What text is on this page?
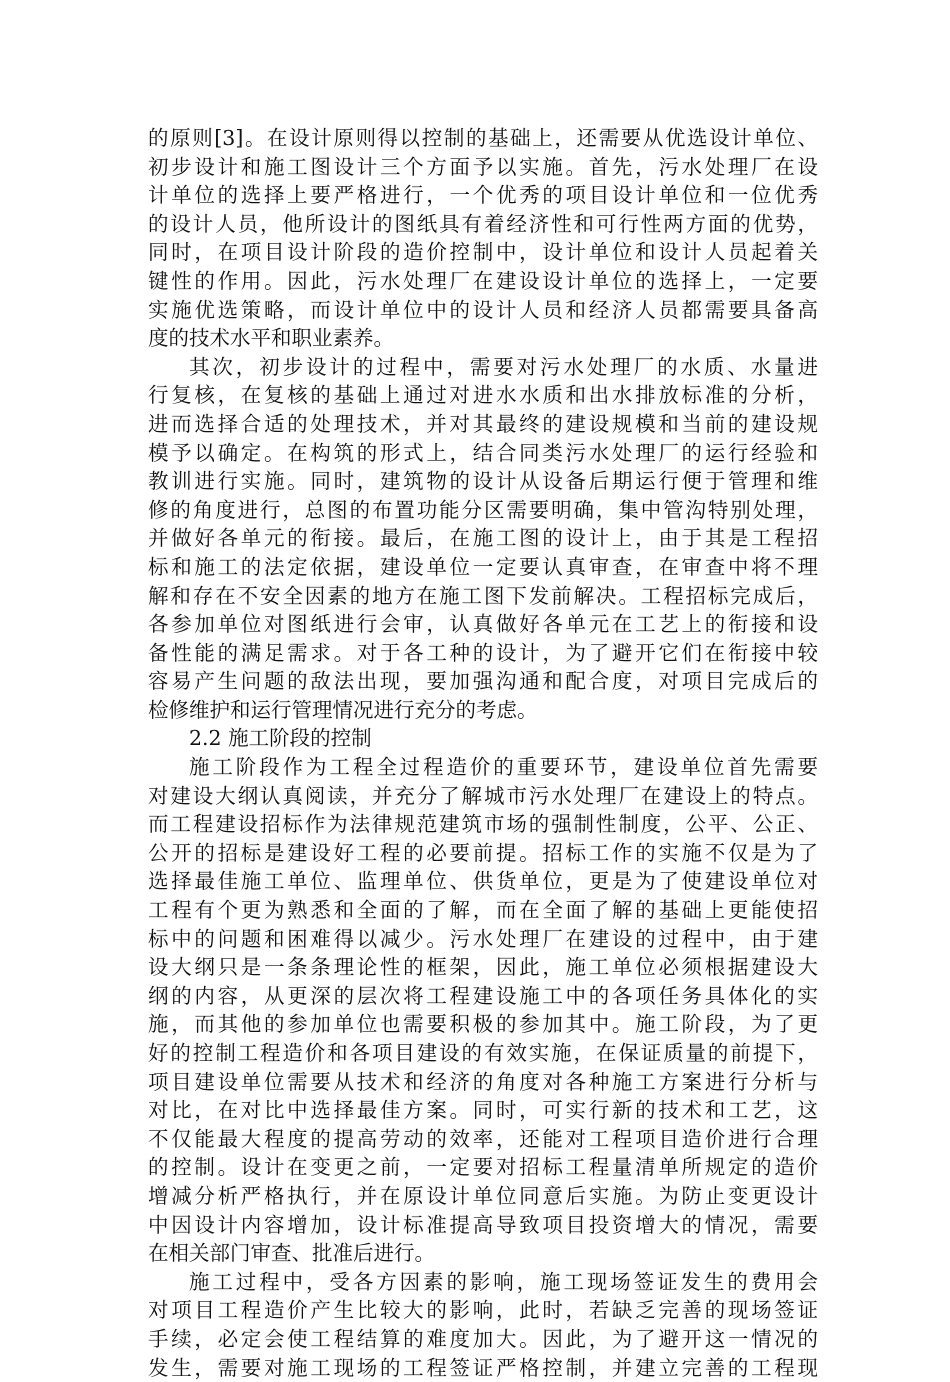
的原则[3]。在设计原则得以控制的基础上，还需要从优选设计单位、
初步设计和施工图设计三个方面予以实施。首先，污水处理厂在设
计单位的选择上要严格进行，一个优秀的项目设计单位和一位优秀
的设计人员，他所设计的图纸具有着经济性和可行性两方面的优势，
同时，在项目设计阶段的造价控制中，设计单位和设计人员起着关
键性的作用。因此，污水处理厂在建设设计单位的选择上，一定要
实施优选策略，而设计单位中的设计人员和经济人员都需要具备高
度的技术水平和职业素养。
其次，初步设计的过程中，需要对污水处理厂的水质、水量进
行复核，在复核的基础上通过对进水水质和出水排放标准的分析，
进而选择合适的处理技术，并对其最终的建设规模和当前的建设规
模予以确定。在构筑的形式上，结合同类污水处理厂的运行经验和
教训进行实施。同时，建筑物的设计从设备后期运行便于管理和维
修的角度进行，总图的布置功能分区需要明确，集中管沟特别处理，
并做好各单元的衔接。最后，在施工图的设计上，由于其是工程招
标和施工的法定依据，建设单位一定要认真审查，在审查中将不理
解和存在不安全因素的地方在施工图下发前解决。工程招标完成后，
各参加单位对图纸进行会审，认真做好各单元在工艺上的衔接和设
备性能的满足需求。对于各工种的设计，为了避开它们在衔接中较
容易产生问题的敌法出现，要加强沟通和配合度，对项目完成后的
检修维护和运行管理情况进行充分的考虑。
2.2 施工阶段的控制
施工阶段作为工程全过程造价的重要环节，建设单位首先需要
对建设大纲认真阅读，并充分了解城市污水处理厂在建设上的特点。
而工程建设招标作为法律规范建筑市场的强制性制度，公平、公正、
公开的招标是建设好工程的必要前提。招标工作的实施不仅是为了
选择最佳施工单位、监理单位、供货单位，更是为了使建设单位对
工程有个更为熟悉和全面的了解，而在全面了解的基础上更能使招
标中的问题和困难得以减少。污水处理厂在建设的过程中，由于建
设大纲只是一条条理论性的框架，因此，施工单位必须根据建设大
纲的内容，从更深的层次将工程建设施工中的各项任务具体化的实
施，而其他的参加单位也需要积极的参加其中。施工阶段，为了更
好的控制工程造价和各项目建设的有效实施，在保证质量的前提下，
项目建设单位需要从技术和经济的角度对各种施工方案进行分析与
对比，在对比中选择最佳方案。同时，可实行新的技术和工艺，这
不仅能最大程度的提高劳动的效率，还能对工程项目造价进行合理
的控制。设计在变更之前，一定要对招标工程量清单所规定的造价
增减分析严格执行，并在原设计单位同意后实施。为防止变更设计
中因设计内容增加，设计标准提高导致项目投资增大的情况，需要
在相关部门审查、批准后进行。
施工过程中，受各方因素的影响，施工现场签证发生的费用会
对项目工程造价产生比较大的影响，此时，若缺乏完善的现场签证
手续，必定会使工程结算的难度加大。因此，为了避开这一情况的
发生，需要对施工现场的工程签证严格控制，并建立完善的工程现
